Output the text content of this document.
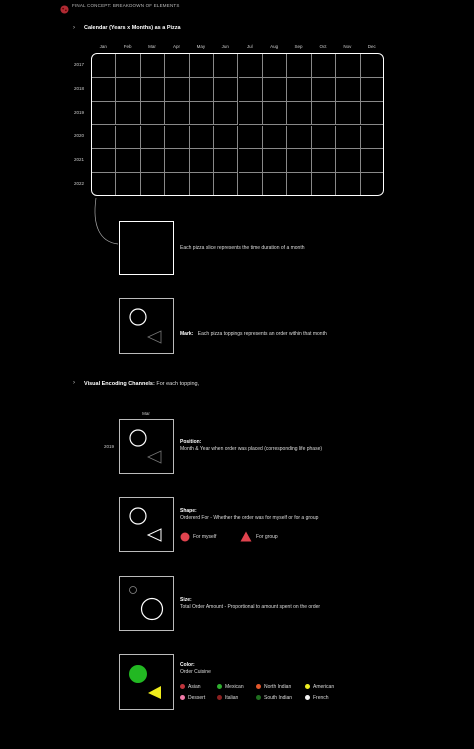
FINAL CONCEPT: BREAKDOWN OF ELEMENTS
› Calendar (Years x Months) as a Pizza
Jan	Feb	Mar	Apr	May	Jun	Jul	Aug	Sep	Oct	Nov	Dec
2017
2018
2019
2020
2021
2022
Each pizza slice represents the time duration of a month
Mark: Each pizza toppings represents an order within that month
› Visual Encoding Channels: For each topping,
Mar
2019
Position:
Month & Year when order was placed (corresponding life phase)
Shape:
Ordererd For - Whether the order was for myself or for a group
For myself	For group
Size:
Total Order Amount - Proportional to amount spent on the order
Color:
Order Cuisine
Asian	Mexican	North Indian	American
Dessert	Italian	South Indian	French
